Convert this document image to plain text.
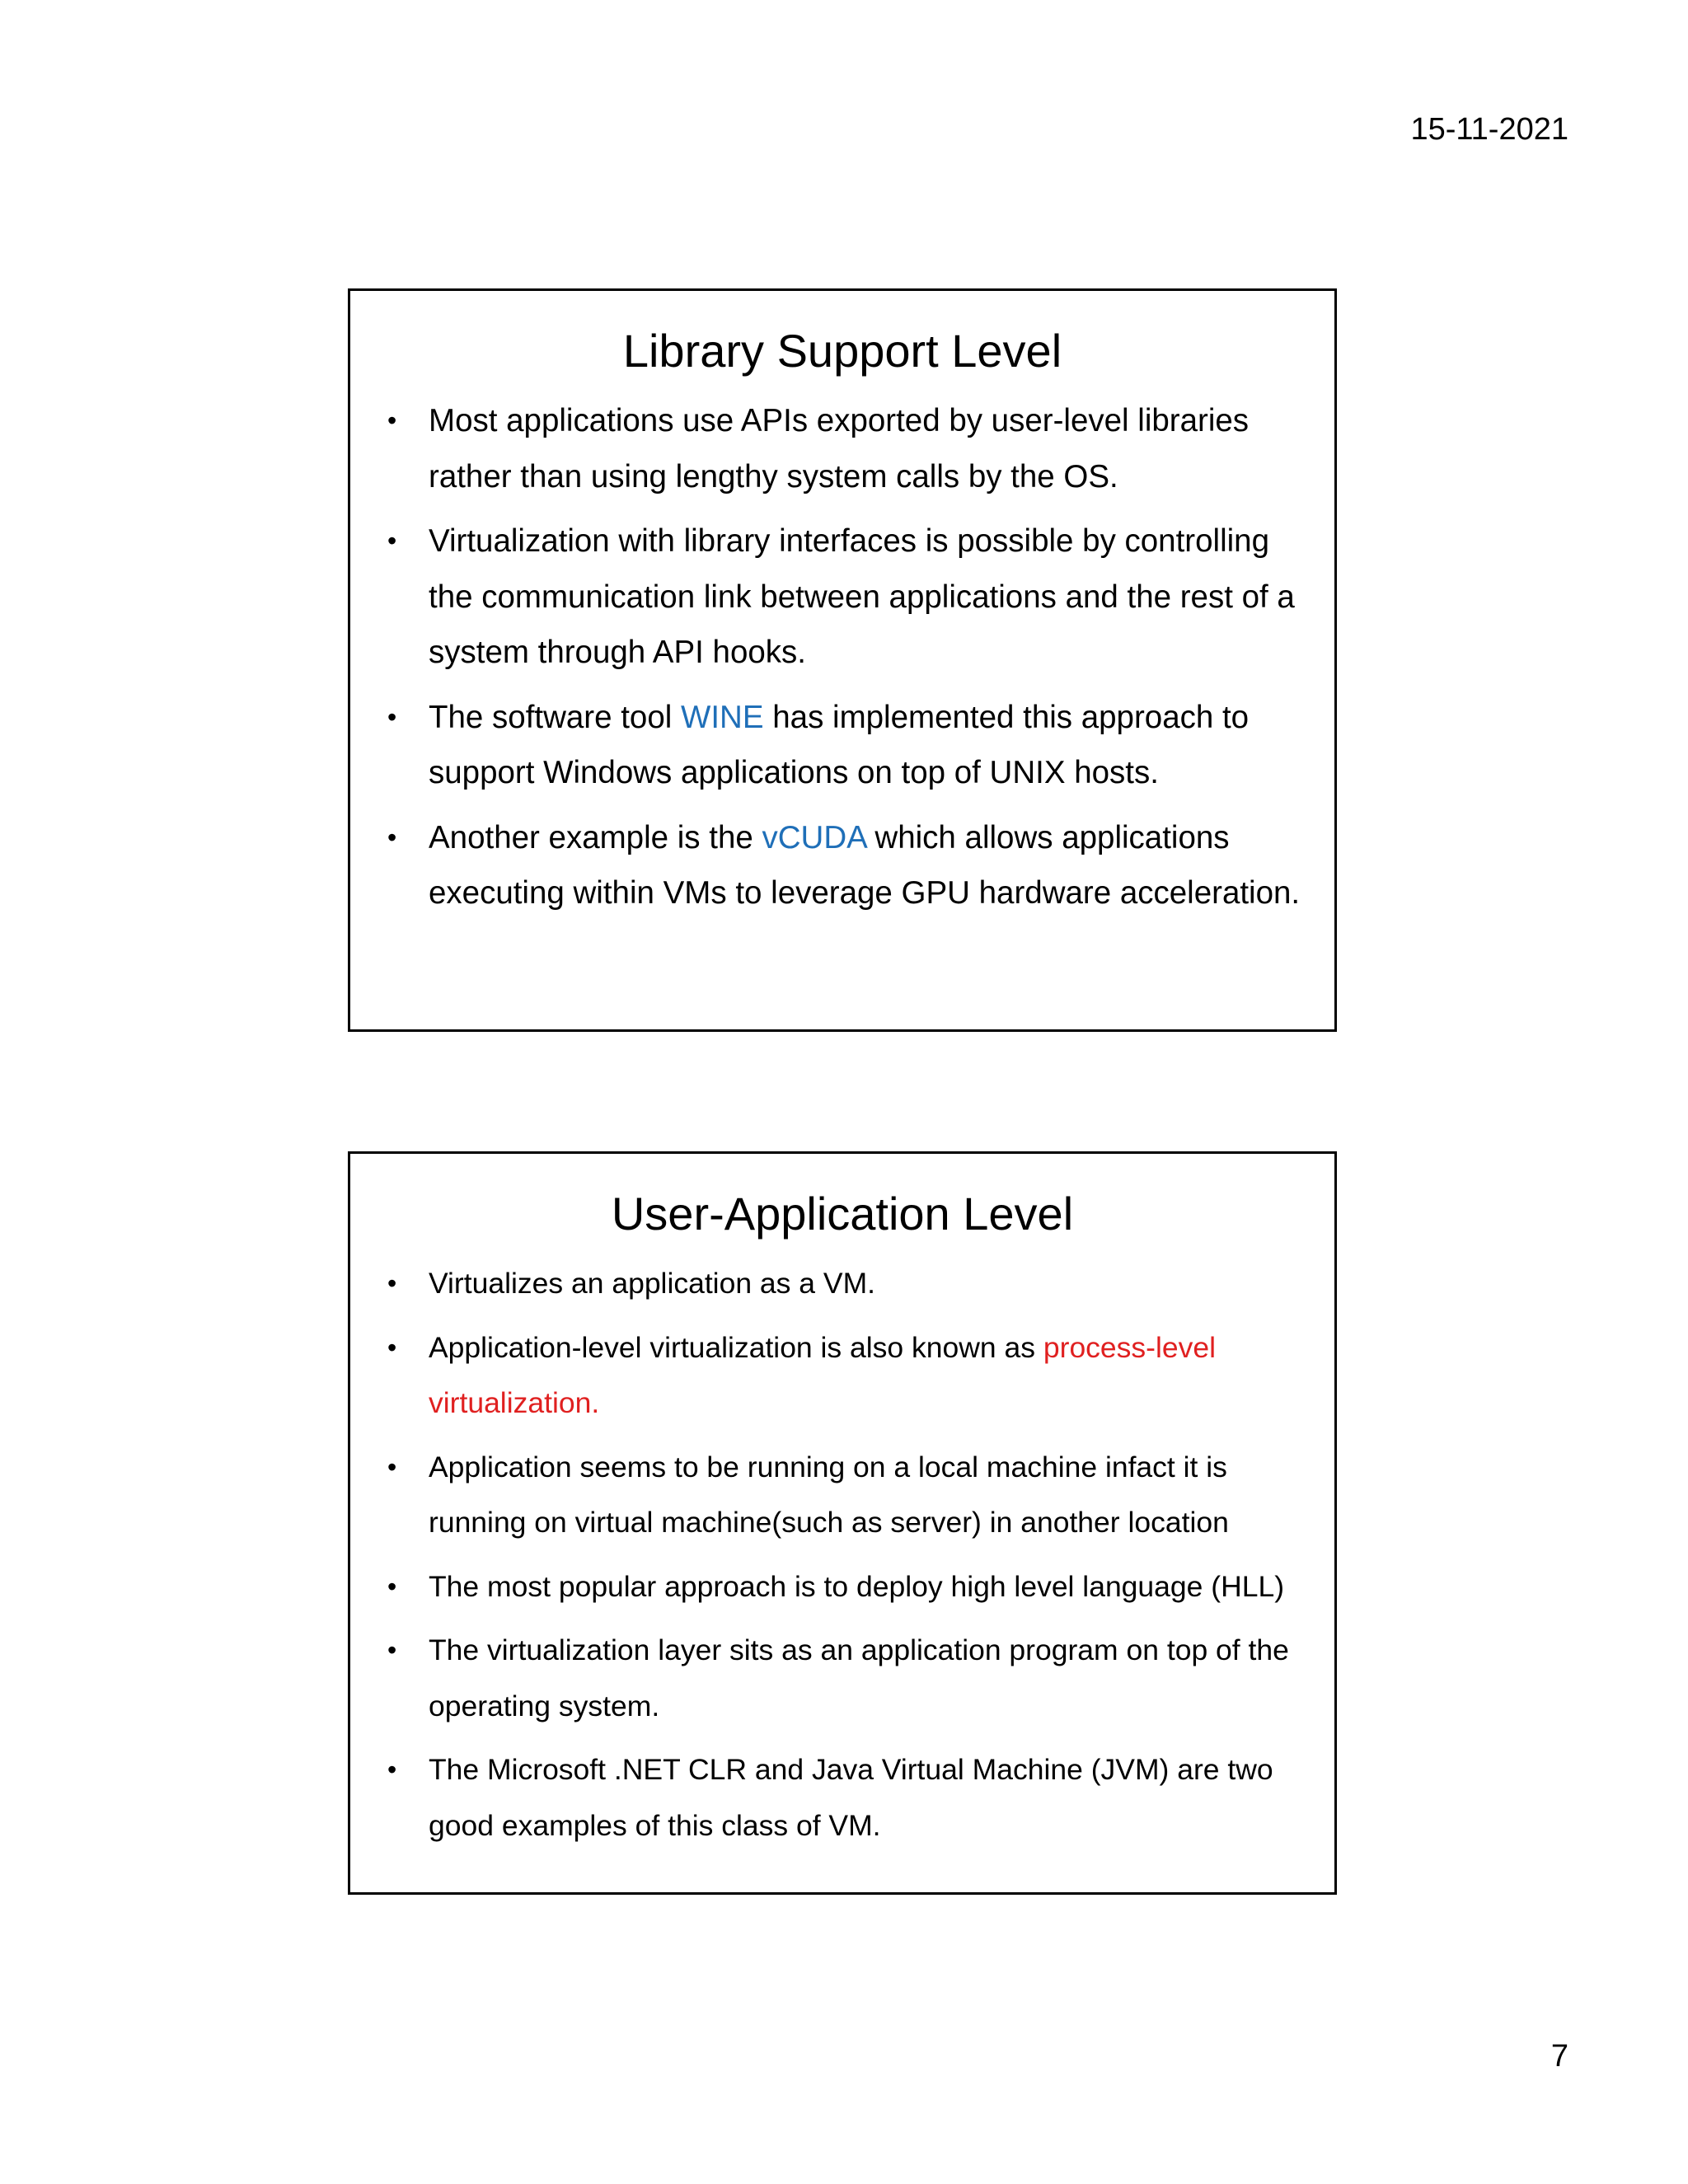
15-11-2021
Library Support Level
• Most applications use APIs exported by user-level libraries rather than using lengthy system calls by the OS.
• Virtualization with library interfaces is possible by controlling the communication link between applications and the rest of a system through API hooks.
• The software tool WINE has implemented this approach to support Windows applications on top of UNIX hosts.
• Another example is the vCUDA which allows applications executing within VMs to leverage GPU hardware acceleration.
User-Application Level
• Virtualizes an application as a VM.
• Application-level virtualization is also known as process-level virtualization.
• Application seems to be running on a local machine infact it is running on virtual machine(such as server) in another location
• The most popular approach is to deploy high level language (HLL)
• The virtualization layer sits as an application program on top of the operating system.
• The Microsoft .NET CLR and Java Virtual Machine (JVM) are two good examples of this class of VM.
7
